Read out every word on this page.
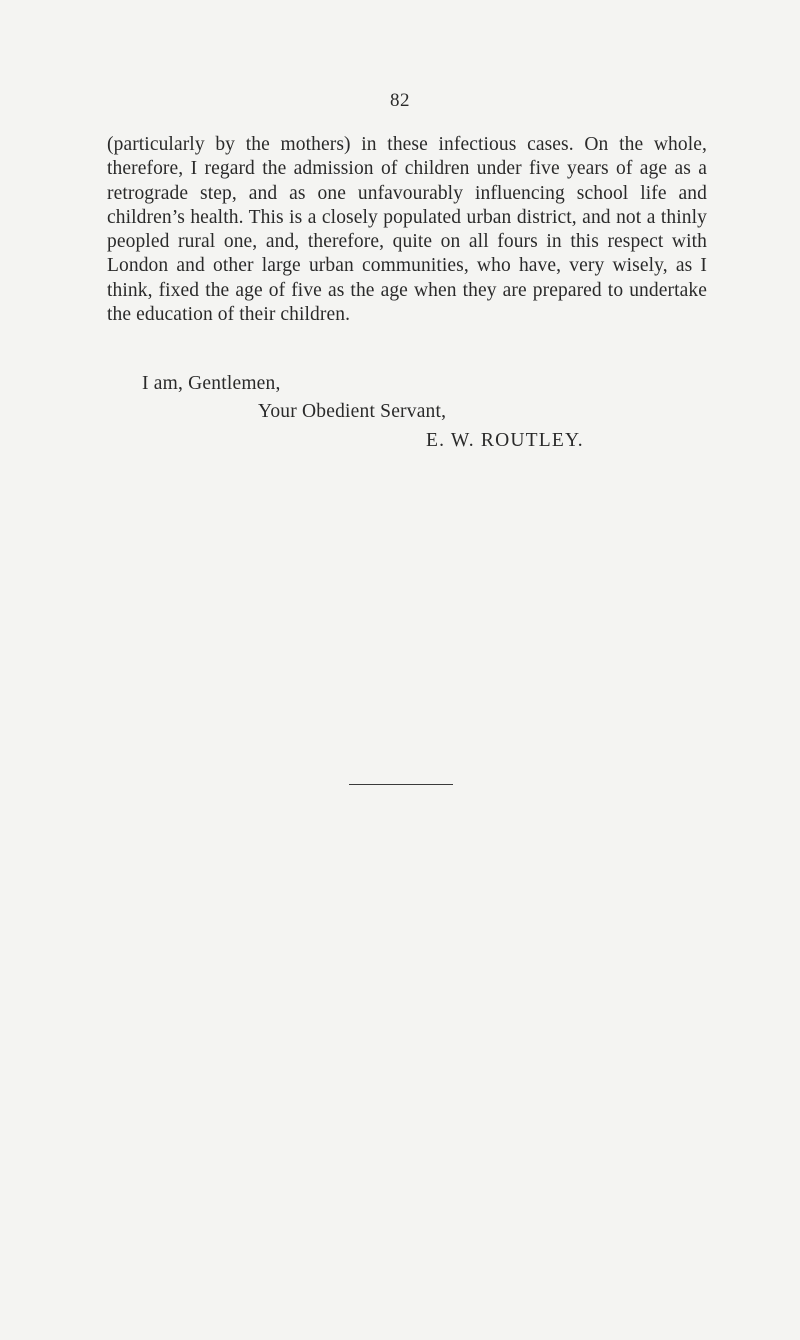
82

(particularly by the mothers) in these infectious cases. On the whole, therefore, I regard the admission of children under five years of age as a retrograde step, and as one unfavourably influencing school life and children’s health. This is a closely populated urban district, and not a thinly peopled rural one, and, therefore, quite on all fours in this respect with London and other large urban communities, who have, very wisely, as I think, fixed the age of five as the age when they are prepared to undertake the education of their children.

I am, Gentlemen,
Your Obedient Servant,
E. W. ROUTLEY.
